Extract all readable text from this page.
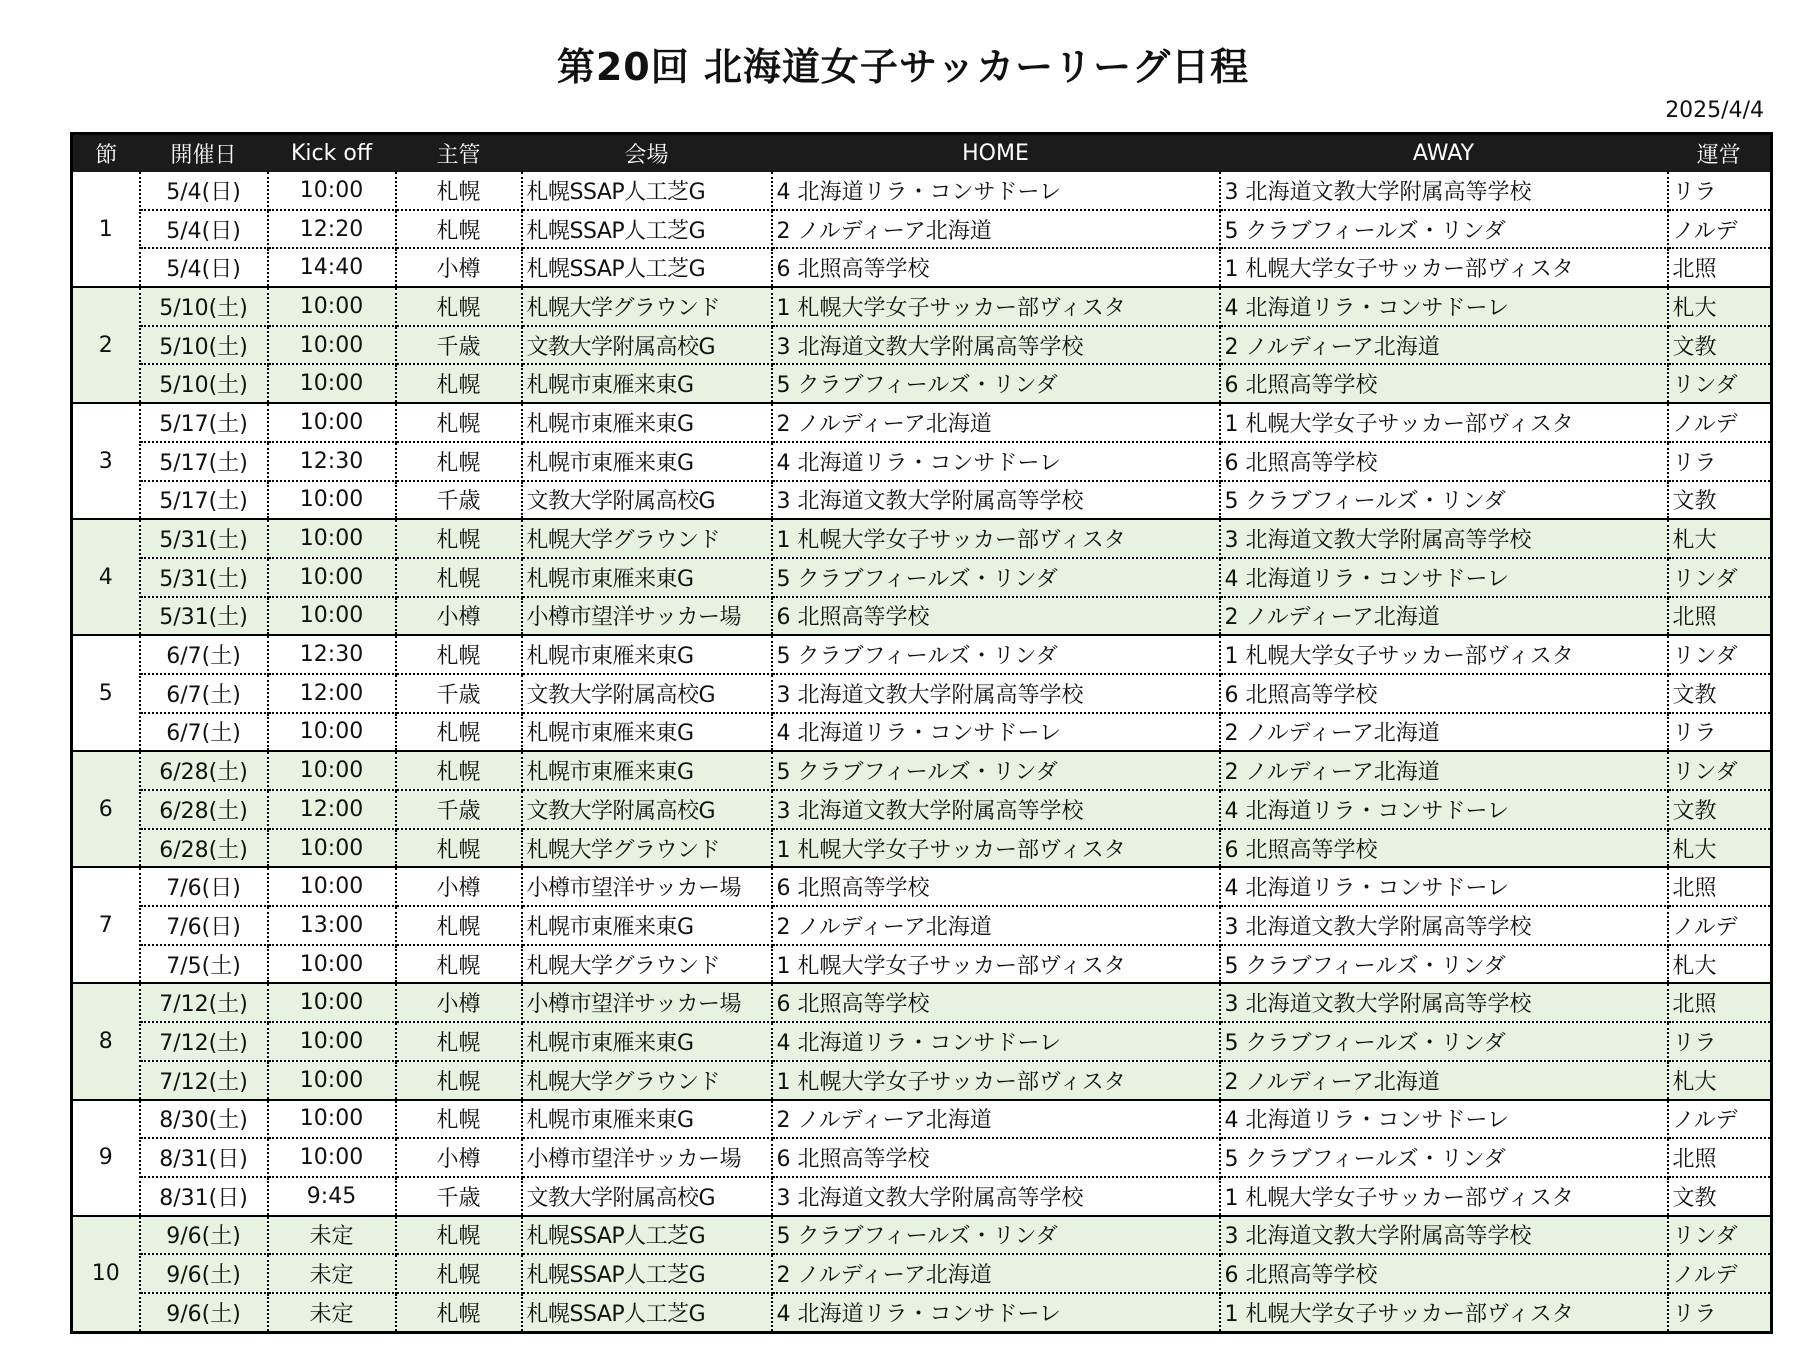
第20回 北海道女子サッカーリーグ日程
2025/4/4
節	開催日	Kick off	主管	会場	HOME	AWAY	運営
1	5/4(日)	10:00	札幌	札幌SSAP人工芝G	4 北海道リラ・コンサドーレ	3 北海道文教大学附属高等学校	リラ
	5/4(日)	12:20	札幌	札幌SSAP人工芝G	2 ノルディーア北海道	5 クラブフィールズ・リンダ	ノルデ
	5/4(日)	14:40	小樽	札幌SSAP人工芝G	6 北照高等学校	1 札幌大学女子サッカー部ヴィスタ	北照
2	5/10(土)	10:00	札幌	札幌大学グラウンド	1 札幌大学女子サッカー部ヴィスタ	4 北海道リラ・コンサドーレ	札大
	5/10(土)	10:00	千歳	文教大学附属高校G	3 北海道文教大学附属高等学校	2 ノルディーア北海道	文教
	5/10(土)	10:00	札幌	札幌市東雁来東G	5 クラブフィールズ・リンダ	6 北照高等学校	リンダ
3	5/17(土)	10:00	札幌	札幌市東雁来東G	2 ノルディーア北海道	1 札幌大学女子サッカー部ヴィスタ	ノルデ
	5/17(土)	12:30	札幌	札幌市東雁来東G	4 北海道リラ・コンサドーレ	6 北照高等学校	リラ
	5/17(土)	10:00	千歳	文教大学附属高校G	3 北海道文教大学附属高等学校	5 クラブフィールズ・リンダ	文教
4	5/31(土)	10:00	札幌	札幌大学グラウンド	1 札幌大学女子サッカー部ヴィスタ	3 北海道文教大学附属高等学校	札大
	5/31(土)	10:00	札幌	札幌市東雁来東G	5 クラブフィールズ・リンダ	4 北海道リラ・コンサドーレ	リンダ
	5/31(土)	10:00	小樽	小樽市望洋サッカー場	6 北照高等学校	2 ノルディーア北海道	北照
5	6/7(土)	12:30	札幌	札幌市東雁来東G	5 クラブフィールズ・リンダ	1 札幌大学女子サッカー部ヴィスタ	リンダ
	6/7(土)	12:00	千歳	文教大学附属高校G	3 北海道文教大学附属高等学校	6 北照高等学校	文教
	6/7(土)	10:00	札幌	札幌市東雁来東G	4 北海道リラ・コンサドーレ	2 ノルディーア北海道	リラ
6	6/28(土)	10:00	札幌	札幌市東雁来東G	5 クラブフィールズ・リンダ	2 ノルディーア北海道	リンダ
	6/28(土)	12:00	千歳	文教大学附属高校G	3 北海道文教大学附属高等学校	4 北海道リラ・コンサドーレ	文教
	6/28(土)	10:00	札幌	札幌大学グラウンド	1 札幌大学女子サッカー部ヴィスタ	6 北照高等学校	札大
7	7/6(日)	10:00	小樽	小樽市望洋サッカー場	6 北照高等学校	4 北海道リラ・コンサドーレ	北照
	7/6(日)	13:00	札幌	札幌市東雁来東G	2 ノルディーア北海道	3 北海道文教大学附属高等学校	ノルデ
	7/5(土)	10:00	札幌	札幌大学グラウンド	1 札幌大学女子サッカー部ヴィスタ	5 クラブフィールズ・リンダ	札大
8	7/12(土)	10:00	小樽	小樽市望洋サッカー場	6 北照高等学校	3 北海道文教大学附属高等学校	北照
	7/12(土)	10:00	札幌	札幌市東雁来東G	4 北海道リラ・コンサドーレ	5 クラブフィールズ・リンダ	リラ
	7/12(土)	10:00	札幌	札幌大学グラウンド	1 札幌大学女子サッカー部ヴィスタ	2 ノルディーア北海道	札大
9	8/30(土)	10:00	札幌	札幌市東雁来東G	2 ノルディーア北海道	4 北海道リラ・コンサドーレ	ノルデ
	8/31(日)	10:00	小樽	小樽市望洋サッカー場	6 北照高等学校	5 クラブフィールズ・リンダ	北照
	8/31(日)	9:45	千歳	文教大学附属高校G	3 北海道文教大学附属高等学校	1 札幌大学女子サッカー部ヴィスタ	文教
10	9/6(土)	未定	札幌	札幌SSAP人工芝G	5 クラブフィールズ・リンダ	3 北海道文教大学附属高等学校	リンダ
	9/6(土)	未定	札幌	札幌SSAP人工芝G	2 ノルディーア北海道	6 北照高等学校	ノルデ
	9/6(土)	未定	札幌	札幌SSAP人工芝G	4 北海道リラ・コンサドーレ	1 札幌大学女子サッカー部ヴィスタ	リラ
